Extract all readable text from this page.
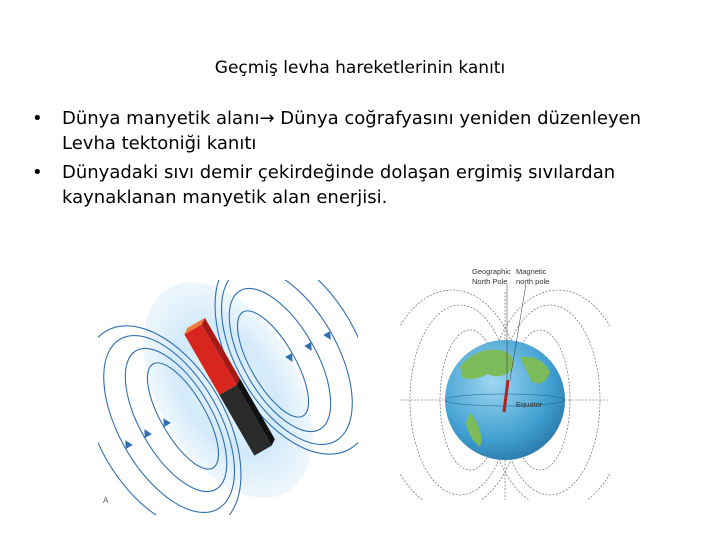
Geçmiş levha hareketlerinin kanıtı
• Dünya manyetik alanı→ Dünya coğrafyasını yeniden düzenleyen
Levha tektoniği kanıtı
• Dünyadaki sıvı demir çekirdeğinde dolaşan ergimiş sıvılardan
kaynaklanan manyetik alan enerjisi.
A
Geographic
North Pole
Magnetic
north pole
Equator
